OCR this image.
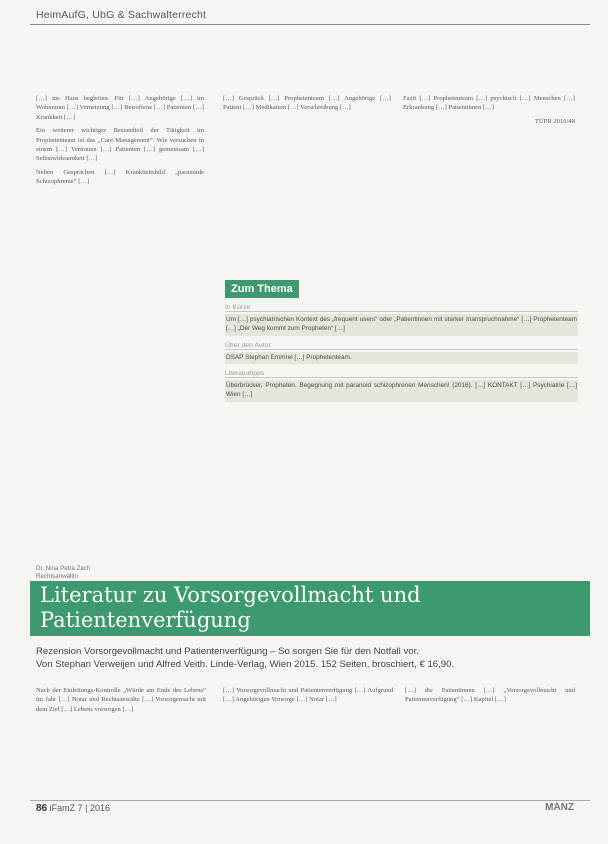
HeimAufG, UbG & Sachwalterrecht

[…] ins Haus begleiten. Für […] Angehörige […] im Wohnraum […] Vernetzung […] Betroffene […] Patienten […] Krankheit […]

Ein weiterer wichtiger Bestandteil der Tätigkeit im Prophetenteam ist das „Care Management“. Wie versuchen in einem […] Vertrauen […] Patienten […] gemeinsam […] Selbstwirksamkeit […]

Neben Gesprächen […] Krankheitsbild „paranoide Schizophrenie“ […]

[…] Gespräch […] Prophetenteam […] Angehörige […] Patient […] Medikation […] Verschreibung […]

Fazit […] Prophetenteam […] psychisch […] Menschen […] Erkrankung […] Patientinnen […]

TÜPR 2016/48
Zum Thema
In Kürze
Um […] psychiatrischen Kontext des „frequent users“ oder „Patientinnen mit starker Inanspruchnahme“ […] Prophetenteam […] „Der Weg kommt zum Propheten“ […]
Über den Autor
DSAP Stephan Emmrel […] Prophetenteam.
Literaturtipps
Überbrücker, Propheten. Begegnung mit paranoid schizophrenen Menschen! (2016). […] KONTAKT […] Psychiatrie […] Wien […]
Dr. Nina Petra Zach
Rechtsanwältin
Literatur zu Vorsorgevollmacht und Patientenverfügung
Rezension Vorsorgevollmacht und Patientenverfügung – So sorgen Sie für den Notfall vor.
Von Stephan Verweijen und Alfred Veith. Linde-Verlag, Wien 2015. 152 Seiten, broschiert, € 16,90.
Nach der Einleitungs-Kontrolle „Würde am Ende des Lebens“ im Jahr […] Notar und Rechtsanwälte […] Vorsorgemacht mit dem Ziel […] Lebens vorsorgen […]
[…] Vorsorgevollmacht und Patientenverfügung […] Aufgrund […] Angehörigen Vorsorge […] Notar […]
[…] die Patientinnen […] „Vorsorgevollmacht und Patientenverfügung“ […] Kapitel […]
86 iFamZ 7 | 2016	MANZ
